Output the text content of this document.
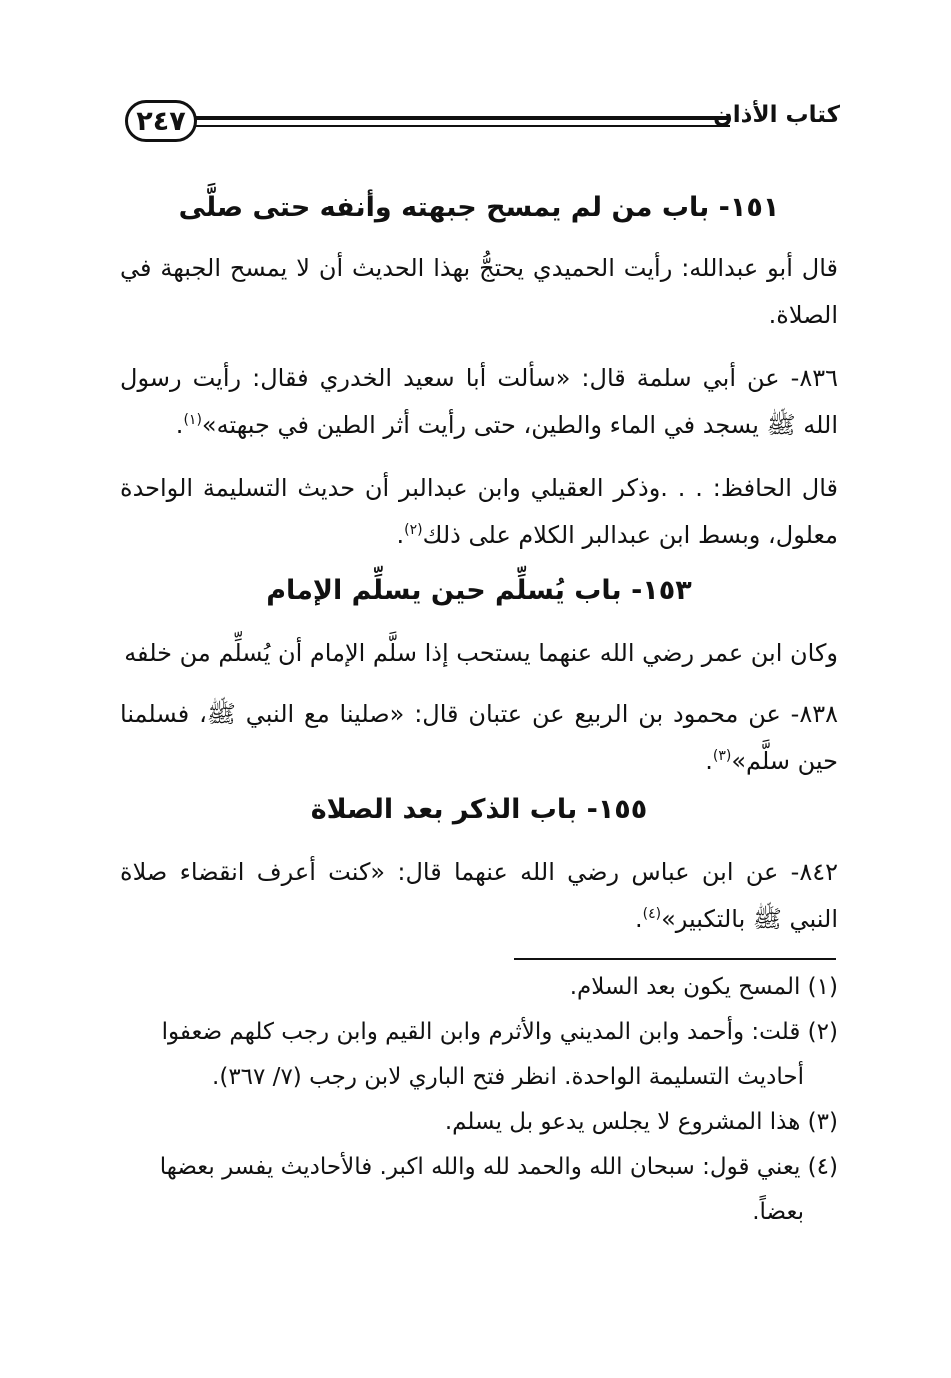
٢٤٧	كتاب الأذان
١٥١- باب من لم يمسح جبهته وأنفه حتى صلَّى
قال أبو عبدالله: رأيت الحميدي يحتجُّ بهذا الحديث أن لا يمسح الجبهة في الصلاة.
٨٣٦- عن أبي سلمة قال: «سألت أبا سعيد الخدري فقال: رأيت رسول الله ﷺ يسجد في الماء والطين، حتى رأيت أثر الطين في جبهته»$^{(١)}$.
قال الحافظ: . . .وذكر العقيلي وابن عبدالبر أن حديث التسليمة الواحدة معلول، وبسط ابن عبدالبر الكلام على ذلك$^{(٢)}$.
١٥٣- باب يُسلِّم حين يسلِّم الإمام
وكان ابن عمر رضي الله عنهما يستحب إذا سلَّم الإمام أن يُسلِّم من خلفه
٨٣٨- عن محمود بن الربيع عن عتبان قال: «صلينا مع النبي ﷺ، فسلمنا حين سلَّم»$^{(٣)}$.
١٥٥- باب الذكر بعد الصلاة
٨٤٢- عن ابن عباس رضي الله عنهما قال: «كنت أعرف انقضاء صلاة النبي ﷺ بالتكبير»$^{(٤)}$.
(١) المسح يكون بعد السلام.
(٢) قلت: وأحمد وابن المديني والأثرم وابن القيم وابن رجب كلهم ضعفوا
أحاديث التسليمة الواحدة. انظر فتح الباري لابن رجب (٧/ ٣٦٧).
(٣) هذا المشروع لا يجلس يدعو بل يسلم.
(٤) يعني قول: سبحان الله والحمد لله والله اكبر. فالأحاديث يفسر بعضها
بعضاً.
